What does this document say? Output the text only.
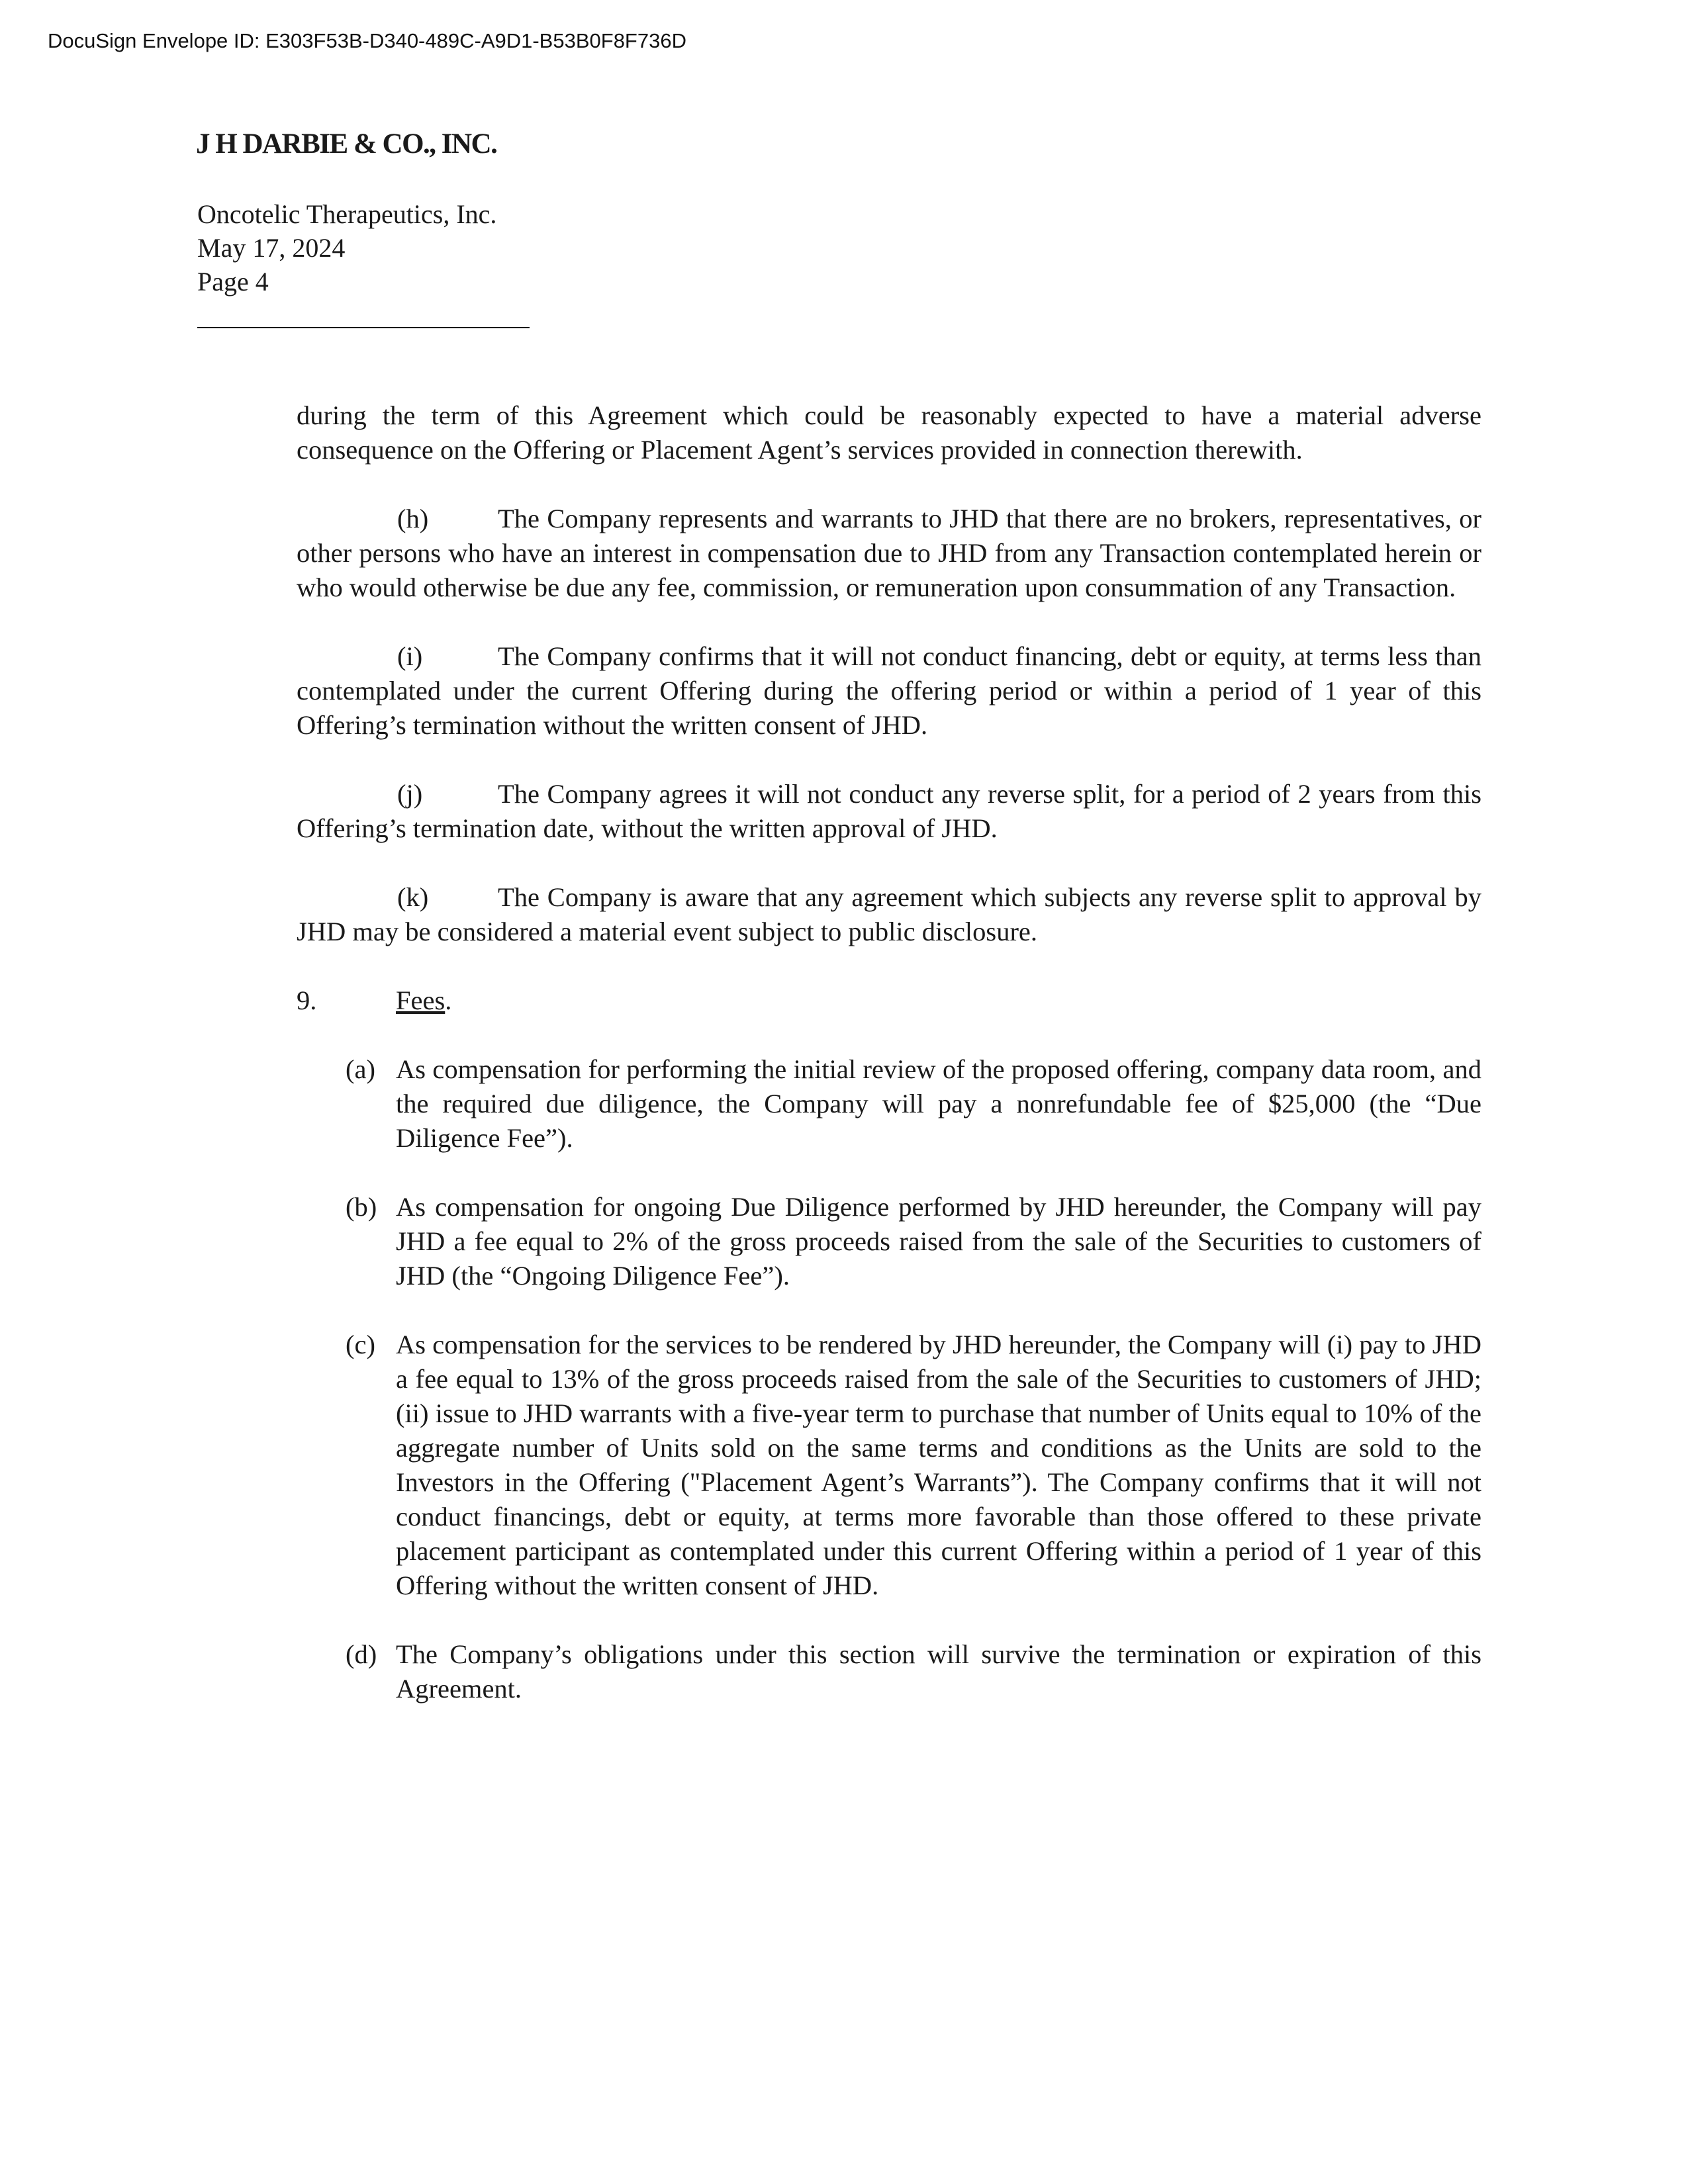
DocuSign Envelope ID: E303F53B-D340-489C-A9D1-B53B0F8F736D
J H DARBIE & CO., INC.
Oncotelic Therapeutics, Inc.
May 17, 2024
Page 4

during the term of this Agreement which could be reasonably expected to have a material adverse consequence on the Offering or Placement Agent’s services provided in connection therewith.

(h)	The Company represents and warrants to JHD that there are no brokers, representatives, or other persons who have an interest in compensation due to JHD from any Transaction contemplated herein or who would otherwise be due any fee, commission, or remuneration upon consummation of any Transaction.

(i)	The Company confirms that it will not conduct financing, debt or equity, at terms less than contemplated under the current Offering during the offering period or within a period of 1 year of this Offering’s termination without the written consent of JHD.

(j)	The Company agrees it will not conduct any reverse split, for a period of 2 years from this Offering’s termination date, without the written approval of JHD.

(k)	The Company is aware that any agreement which subjects any reverse split to approval by JHD may be considered a material event subject to public disclosure.

9.	Fees.
(a) As compensation for performing the initial review of the proposed offering, company data room, and the required due diligence, the Company will pay a nonrefundable fee of $25,000 (the “Due Diligence Fee”).
(b) As compensation for ongoing Due Diligence performed by JHD hereunder, the Company will pay JHD a fee equal to 2% of the gross proceeds raised from the sale of the Securities to customers of JHD (the “Ongoing Diligence Fee”).
(c) As compensation for the services to be rendered by JHD hereunder, the Company will (i) pay to JHD a fee equal to 13% of the gross proceeds raised from the sale of the Securities to customers of JHD; (ii) issue to JHD warrants with a five-year term to purchase that number of Units equal to 10% of the aggregate number of Units sold on the same terms and conditions as the Units are sold to the Investors in the Offering ("Placement Agent’s Warrants”). The Company confirms that it will not conduct financings, debt or equity, at terms more favorable than those offered to these private placement participant as contemplated under this current Offering within a period of 1 year of this Offering without the written consent of JHD.
(d) The Company’s obligations under this section will survive the termination or expiration of this Agreement.
